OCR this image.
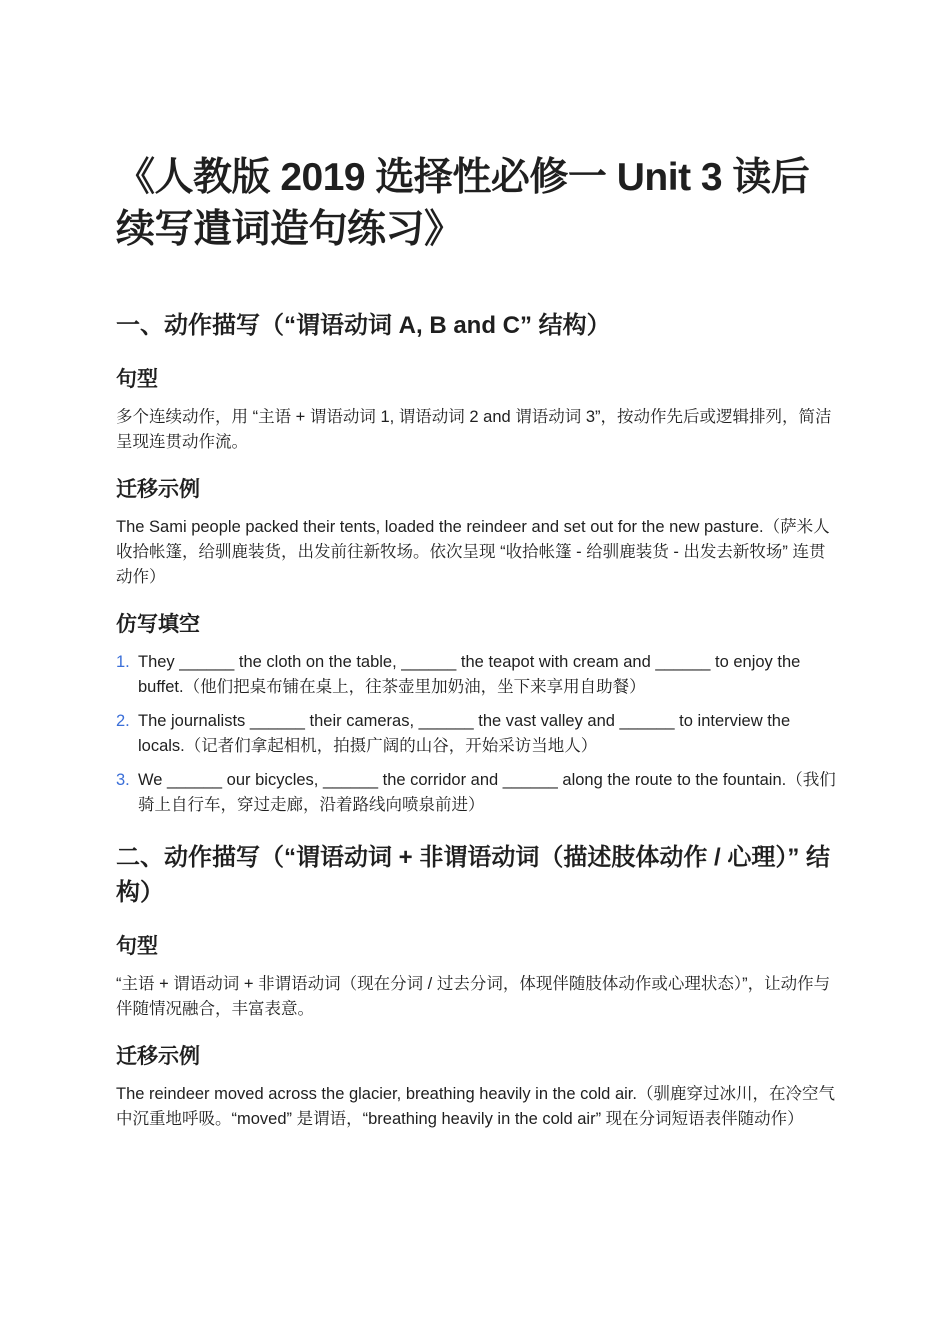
《人教版 2019 选择性必修一 Unit 3 读后续写遣词造句练习》
一、动作描写（“谓语动词 A, B and C” 结构）
句型

多个连续动作，用 “主语 + 谓语动词 1, 谓语动词 2 and 谓语动词 3”，按动作先后或逻辑排列，简洁呈现连贯动作流。

迁移示例

The Sami people packed their tents, loaded the reindeer and set out for the new pasture.（萨米人收拾帐篷，给驯鹿装货，出发前往新牧场。依次呈现 “收拾帐篷 - 给驯鹿装货 - 出发去新牧场” 连贯动作）

仿写填空
1. They ______ the cloth on the table, ______ the teapot with cream and ______ to enjoy the buffet.（他们把桌布铺在桌上，往茶壶里加奶油，坐下来享用自助餐）
2. The journalists ______ their cameras, ______ the vast valley and ______ to interview the locals.（记者们拿起相机，拍摄广阔的山谷，开始采访当地人）
3. We ______ our bicycles, ______ the corridor and ______ along the route to the fountain.（我们骑上自行车，穿过走廊，沿着路线向喷泉前进）
二、动作描写（“谓语动词 + 非谓语动词（描述肢体动作 / 心理）” 结构）
句型

“主语 + 谓语动词 + 非谓语动词（现在分词 / 过去分词，体现伴随肢体动作或心理状态）”，让动作与伴随情况融合，丰富表意。

迁移示例

The reindeer moved across the glacier, breathing heavily in the cold air.（驯鹿穿过冰川，在冷空气中沉重地呼吸。“moved” 是谓语，“breathing heavily in the cold air” 现在分词短语表伴随动作）
